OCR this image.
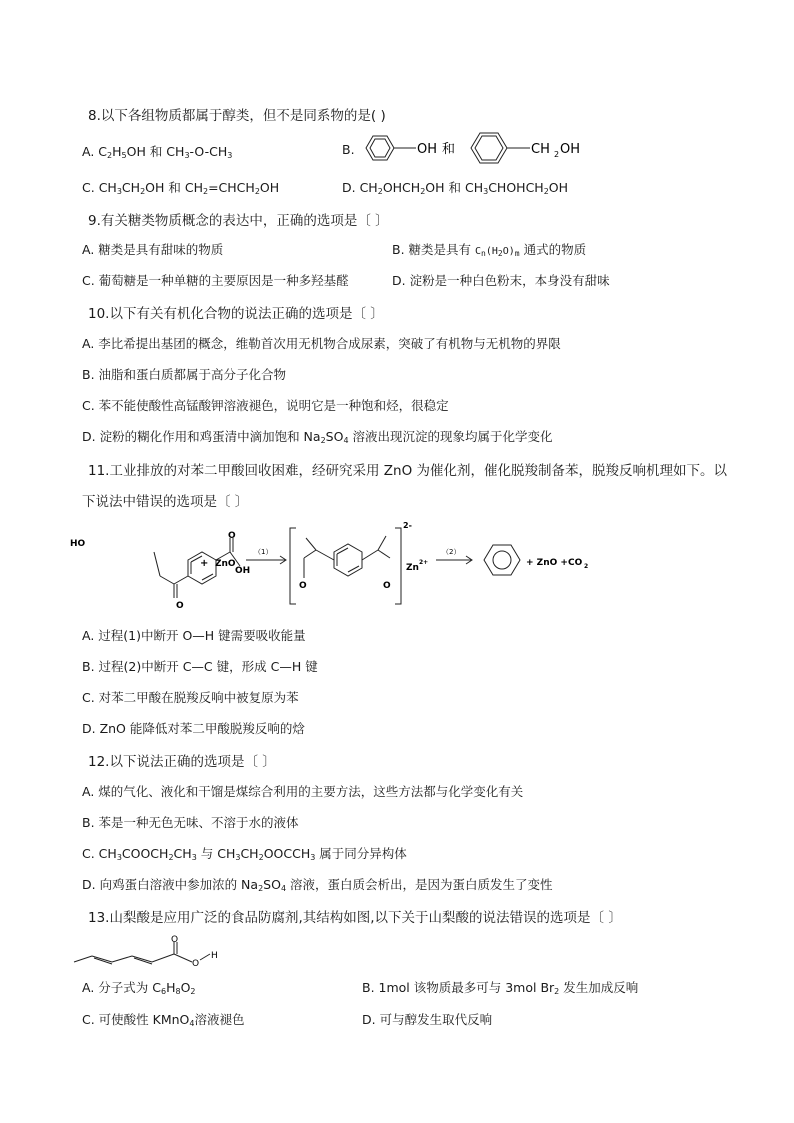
8.以下各组物质都属于醇类，但不是同系物的是( )
A. $C_2H_5OH$ 和 $CH_3-O-CH_3$	B.	OH 和	CH 2 OH
C. $CH_3CH_2OH$ 和 $CH_2=CHCH_2OH$	D. $CH_2OHCH_2OH$ 和 $CH_3CHOHCH_2OH$
9.有关糖类物质概念的表达中，正确的选项是〔 〕
A. 糖类是具有甜味的物质	B. 糖类是具有 $C_n(H_2O)_m$ 通式的物质
C. 葡萄糖是一种单糖的主要原因是一种多羟基醛	D. 淀粉是一种白色粉末，本身没有甜味
10.以下有关有机化合物的说法正确的选项是〔 〕
A. 李比希提出基团的概念，维勒首次用无机物合成尿素，突破了有机物与无机物的界限
B. 油脂和蛋白质都属于高分子化合物
C. 苯不能使酸性高锰酸钾溶液褪色，说明它是一种饱和烃，很稳定
D. 淀粉的糊化作用和鸡蛋清中滴加饱和 $Na_2SO_4$ 溶液出现沉淀的现象均属于化学变化
11.工业排放的对苯二甲酸回收困难，经研究采用 ZnO 为催化剂，催化脱羧制备苯，脱羧反响机理如下。以
下说法中错误的选项是〔 〕
HO
O
OH
O
+ ZnO
（1）
O	O
2-
Zn
2+
（2）
+ ZnO + CO 2
A. 过程(1)中断开 O—H 键需要吸收能量
B. 过程(2)中断开 C—C 键，形成 C—H 键
C. 对苯二甲酸在脱羧反响中被复原为苯
D. ZnO 能降低对苯二甲酸脱羧反响的焓
12.以下说法正确的选项是〔 〕
A. 煤的气化、液化和干馏是煤综合利用的主要方法，这些方法都与化学变化有关
B. 苯是一种无色无味、不溶于水的液体
C. $CH_3COOCH_2CH_3$ 与 $CH_3CH_2OOCCH_3$ 属于同分异构体
D. 向鸡蛋白溶液中参加浓的 $Na_2SO_4$ 溶液，蛋白质会析出，是因为蛋白质发生了变性
13.山梨酸是应用广泛的食品防腐剂,其结构如图,以下关于山梨酸的说法错误的选项是〔 〕
O
O
H
A. 分子式为 $C_6H_8O_2$	B. 1mol 该物质最多可与 3mol $Br_2$ 发生加成反响
C. 可使酸性 KMnO$_4$溶液褪色	D. 可与醇发生取代反响
